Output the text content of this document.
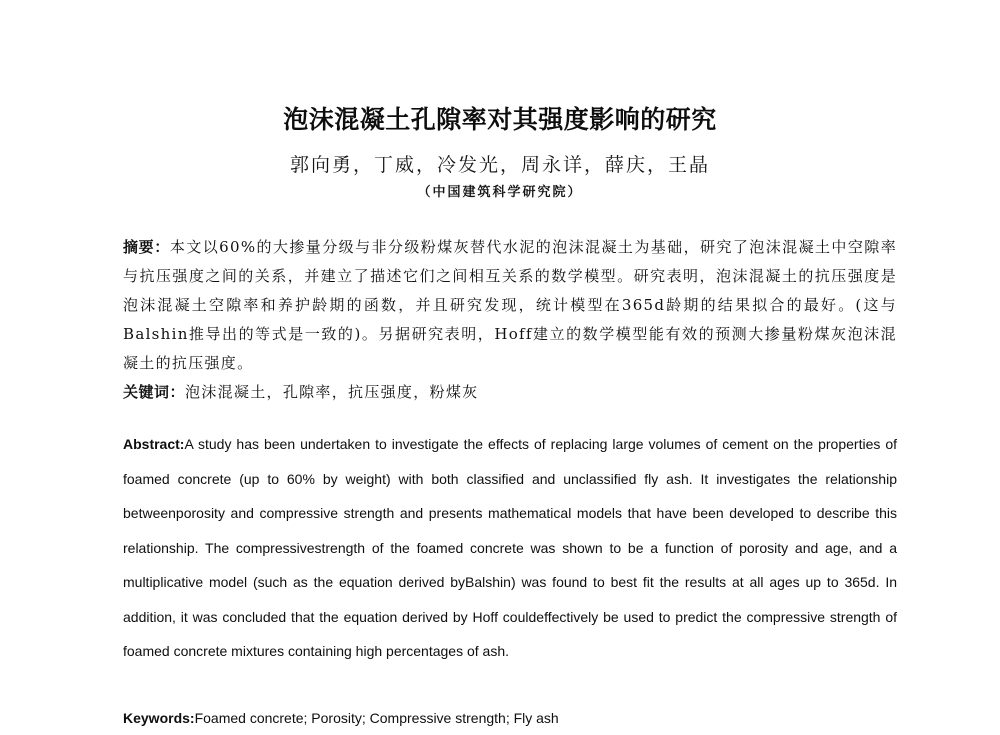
泡沫混凝土孔隙率对其强度影响的研究
郭向勇，丁威，冷发光，周永详，薛庆，王晶
（中国建筑科学研究院）
摘要：本文以60%的大掺量分级与非分级粉煤灰替代水泥的泡沫混凝土为基础，研究了泡沫混凝土中空隙率与抗压强度之间的关系，并建立了描述它们之间相互关系的数学模型。研究表明，泡沫混凝土的抗压强度是泡沫混凝土空隙率和养护龄期的函数，并且研究发现，统计模型在365d龄期的结果拟合的最好。(这与Balshin推导出的等式是一致的)。另据研究表明，Hoff建立的数学模型能有效的预测大掺量粉煤灰泡沫混凝土的抗压强度。
关键词：泡沫混凝土，孔隙率，抗压强度，粉煤灰
Abstract:A study has been undertaken to investigate the effects of replacing large volumes of cement on the properties of foamed concrete (up to 60% by weight) with both classified and unclassified fly ash. It investigates the relationship betweenporosity and compressive strength and presents mathematical models that have been developed to describe this relationship. The compressivestrength of the foamed concrete was shown to be a function of porosity and age, and a multiplicative model (such as the equation derived byBalshin) was found to best fit the results at all ages up to 365d. In addition, it was concluded that the equation derived by Hoff couldeffectively be used to predict the compressive strength of foamed concrete mixtures containing high percentages of ash.
Keywords:Foamed concrete; Porosity; Compressive strength; Fly ash
